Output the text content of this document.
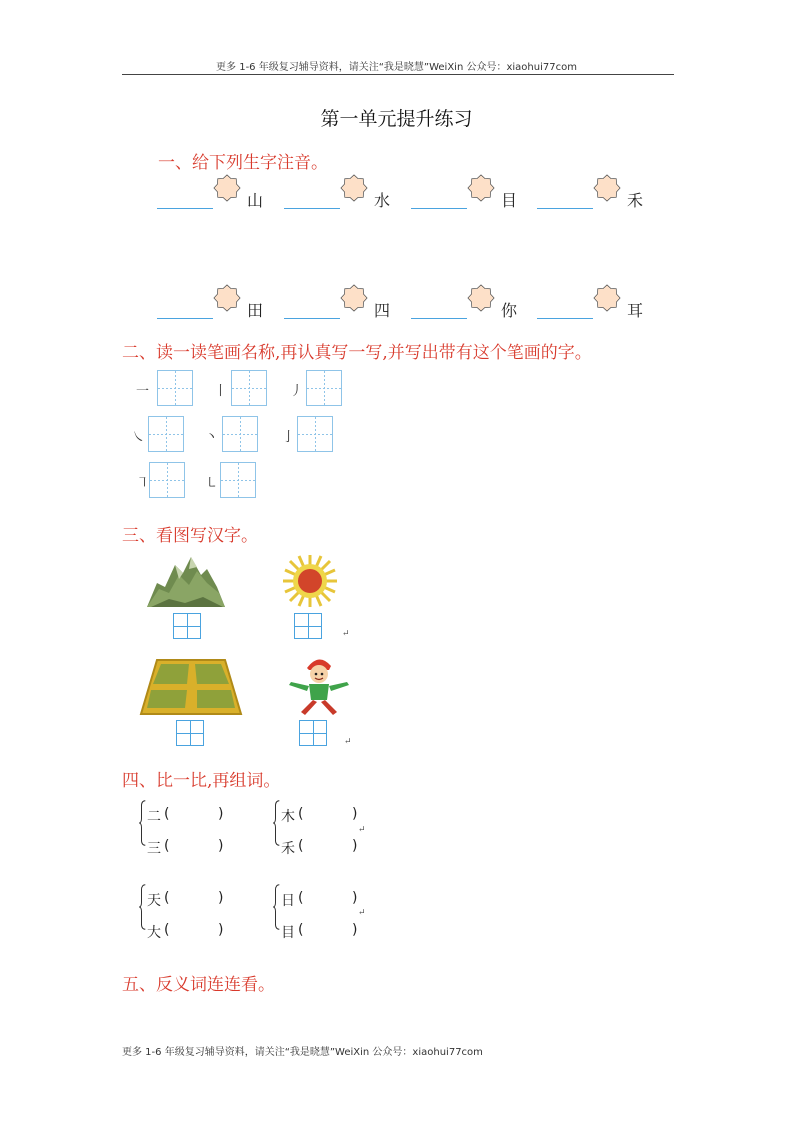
更多 1-6 年级复习辅导资料，请关注“我是晓慧”WeiXin 公众号：xiaohui77com
第一单元提升练习
一、给下列生字注音。
山	水	目	禾
田	四	你	耳
二、读一读笔画名称,再认真写一写,并写出带有这个笔画的字。
一	丨	丿
㇏	丶	亅
㇕	㇄
三、看图写汉字。
↵
↵
四、比一比,再组词。
二 (	)
三 (	)
木 (	)
禾 (	)
天 (	)
大 (	)
日 (	)
目 (	)
↵
↵
五、反义词连连看。
更多 1-6 年级复习辅导资料，请关注“我是晓慧”WeiXin 公众号：xiaohui77com
